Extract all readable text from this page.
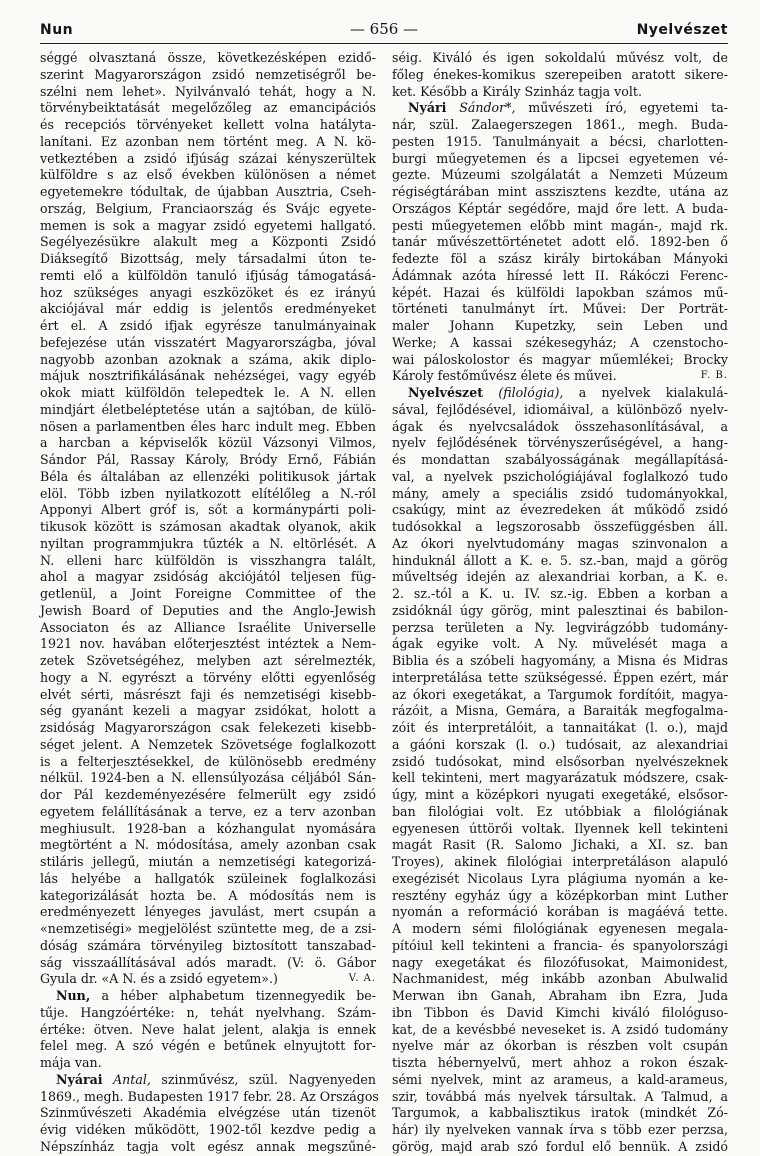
Nun	— 656 —	Nyelvészet
séggé olvasztaná össze, következésképen ezidő-
szerint Magyarországon zsidó nemzetiségről be-
szélni nem lehet». Nyilvánvaló tehát, hogy a N.
törvénybeiktatását megelőzőleg az emancipációs
és recepciós törvényeket kellett volna hatálytа-
lanítani. Ez azonban nem történt meg. A N. kö-
vetkeztében a zsidó ifjúság százai kényszerültek
külföldre s az első években különösen a német
egyetemekre tódultak, de újabban Ausztria, Cseh-
ország, Belgium, Franciaország és Svájc egyete-
memen is sok a magyar zsidó egyetemi hallgató.
Segélyezésükre alakult meg a Központi Zsidó
Diáksegítő Bizottság, mely társadalmi úton te-
remti elő a külföldön tanuló ifjúság támogatásá-
hoz szükséges anyagi eszközöket és ez irányú
akciójával már eddig is jelentős eredményeket
ért el. A zsidó ifjak egyrésze tanulmányainak
befejezése után visszatért Magyarországba, jóval
nagyobb azonban azoknak a száma, akik diplo-
májuk nosztrifikálásának nehézségei, vagy egyéb
okok miatt külföldön telepedtek le. A N. ellen
mindjárt életbeléptetése után a sajtóban, de külö-
nösen a parlamentben éles harc indult meg. Ebben
a harcban a képviselők közül Vázsonyi Vilmos,
Sándor Pál, Rassay Károly, Bródy Ernő, Fábián
Béla és általában az ellenzéki politikusok jártak
elöl. Több izben nyilatkozott elítélőleg a N.-ról
Apponyi Albert gróf is, sőt a kormánypárti poli-
tikusok között is számosan akadtak olyanok, akik
nyiltan programmjukra tűzték a N. eltörlését. A
N. elleni harc külföldön is visszhangra talált,
ahol a magyar zsidóság akciójától teljesen füg-
getlenül, a Joint Foreigne Committee of the
Jewish Board of Deputies and the Anglo-Jewish
Associaton és az Alliance Israélite Universelle
1921 nov. havában előterjesztést intéztek a Nem-
zetek Szövetségéhez, melyben azt sérelmezték,
hogy a N. egyrészt a törvény előtti egyenlőség
elvét sérti, másrészt faji és nemzetiségi kisebb-
ség gyanánt kezeli a magyar zsidókat, holott a
zsidóság Magyarországon csak felekezeti kisebb-
séget jelent. A Nemzetek Szövetsége foglalkozott
is a felterjesztésekkel, de különösebb eredmény
nélkül. 1924-ben a N. ellensúlyozása céljából Sán-
dor Pál kezdeményezésére felmerült egy zsidó
egyetem felállításának a terve, ez a terv azonban
meghiusult. 1928-ban a kózhangulat nyomására
megtörtént a N. módosítása, amely azonban csak
stiláris jellegű, miután a nemzetiségi kategorizá-
lás helyébe a hallgatók szüleinek foglalkozási
kategorizálását hozta be. A módosítás nem is
eredményezett lényeges javulást, mert csupán a
«nemzetiségi» megjelölést szüntette meg, de a zsi-
dóság számára törvényileg biztosított tanszabad-
ság visszaállításával adós maradt. (V: ö. Gábor
Gyula dr. «A N. és a zsidó egyetem».)	V. A.
Nun, a héber alphabetum tizennegyedik be-
tűje. Hangzóértéke: n, tehát nyelvhang. Szám-
értéke: ötven. Neve halat jelent, alakja is ennek
felel meg. A szó végén e betűnek elnyujtott for-
mája van.
Nyárai Antal, szinművész, szül. Nagyenyeden
1869., megh. Budapesten 1917 febr. 28. Az Országos
Szinművészeti Akadémia elvégzése után tizenöt
évig vidéken működött, 1902-től kezdve pedig a
Népszínház tagja volt egész annak megszűné-
séig. Kiváló és igen sokoldalú művész volt, de
főleg énekes-komikus szerepeiben aratott sikere-
ket. Később a Király Szinház tagja volt.
Nyári Sándor*, művészeti író, egyetemi ta-
nár, szül. Zalaegerszegen 1861., megh. Buda-
pesten 1915. Tanulmányait a bécsi, charlotten-
burgi műegyetemen és a lipcsei egyetemen vé-
gezte. Múzeumi szolgálatát a Nemzeti Múzeum
régiségtárában mint asszisztens kezdte, utána az
Országos Képtár segédőre, majd őre lett. A buda-
pesti műegyetemen előbb mint magán-, majd rk.
tanár művészettörténetet adott elő. 1892-ben ő
fedezte föl a szász király birtokában Mányoki
Ádámnak azóta híressé lett II. Rákóczi Ferenc-
képét. Hazai és külföldi lapokban számos mű-
történeti tanulmányt írt. Művei: Der Porträt-
maler Johann Kupetzky, sein Leben und
Werke; A kassai székesegyház; A czenstocho-
wai páloskolostor és magyar műemlékei; Brocky
Károly festőművész élete és művei.	F. B.
Nyelvészet (filológia), a nyelvek kialakulá-
sával, fejlődésével, idiomáival, a különböző nyelv-
ágak és nyelvcsaládok összehasonlításával, a
nyelv fejlődésének törvényszerűségével, a hang-
és mondattan szabályosságának megállapításá-
val, a nyelvek pszichológiájával foglalkozó tudo
mány, amely a speciális zsidó tudományokkal,
csakúgy, mint az évezredeken át működő zsidó
tudósokkal a legszorosabb összefüggésben áll.
Az ókori nyelvtudomány magas szinvonalon a
hinduknál állott a K. e. 5. sz.-ban, majd a görög
műveltség idején az alexandriai korban, a K. e.
2. sz.-tól a K. u. IV. sz.-ig. Ebben a korban a
zsidóknál úgy görög, mint palesztinai és babilon-
perzsa területen a Ny. legvirágzóbb tudomány-
ágak egyike volt. A Ny. művelését maga a
Biblia és a szóbeli hagyomány, a Misna és Midras
interpretálása tette szükségessé. Éppen ezért, már
az ókori exegetákat, a Targumok fordítóit, magya-
rázóit, a Misna, Gemára, a Baraiták megfogalma-
zóit és interpretálóit, a tannaitákat (l. o.), majd
a gáóni korszak (l. o.) tudósait, az alexandriai
zsidó tudósokat, mind elsősorban nyelvészeknek
kell tekinteni, mert magyarázatuk módszere, csak-
úgy, mint a középkori nyugati exegetáké, elsősor-
ban filológiai volt. Ez utóbbiak a filológiának
egyenesen úttörői voltak. Ilyennek kell tekinteni
magát Rasit (R. Salomo Jichaki, a XI. sz. ban
Troyes), akinek filológiai interpretáláson alapuló
exegézisét Nicolaus Lyra plágiuma nyomán a ke-
resztény egyház úgy a középkorban mint Luther
nyomán a reformáció korában is magáévá tette.
A modern sémi filológiának egyenesen megala-
pítóiul kell tekinteni a francia- és spanyolországi
nagy exegetákat és filozófusokat, Maimonidest,
Nachmanidest, még inkább azonban Abulwalid
Merwan ibn Ganah, Abraham ibn Ezra, Juda
ibn Tibbon és David Kimchi kiváló filológuso-
kat, de a kevésbbé neveseket is. A zsidó tudomány
nyelve már az ókorban is részben volt csupán
tiszta hébernyelvű, mert ahhoz a rokon észak-
sémi nyelvek, mint az arameus, a kald-arameus,
szir, továbbá más nyelvek társultak. A Talmud, a
Targumok, a kabbalisztikus iratok (mindkét Zó-
hár) ily nyelveken vannak írva s több ezer perzsa,
görög, majd arab szó fordul elő bennük. A zsidó
